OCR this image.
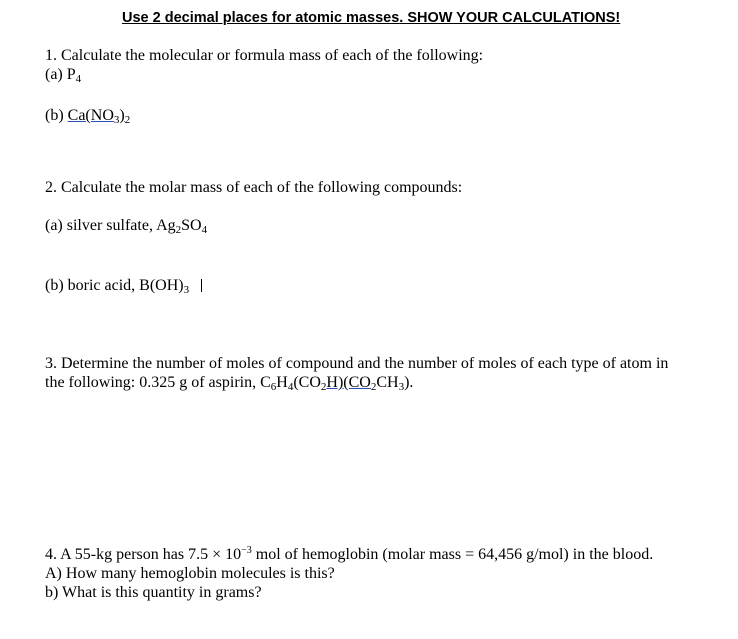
Use 2 decimal places for atomic masses. SHOW YOUR CALCULATIONS!
1. Calculate the molecular or formula mass of each of the following:
(a) $P_4$
(b) $Ca(NO_3)_2$
2. Calculate the molar mass of each of the following compounds:
(a) silver sulfate, $Ag_2SO_4$
(b) boric acid, $B(OH)_3$
3. Determine the number of moles of compound and the number of moles of each type of atom in
the following: 0.325 g of aspirin, $C_6H_4(CO_2H)(CO_2CH_3)$.
4. A 55-kg person has $7.5 \times 10^{-3}$ mol of hemoglobin (molar mass = 64,456 g/mol) in the blood.
A) How many hemoglobin molecules is this?
b) What is this quantity in grams?
